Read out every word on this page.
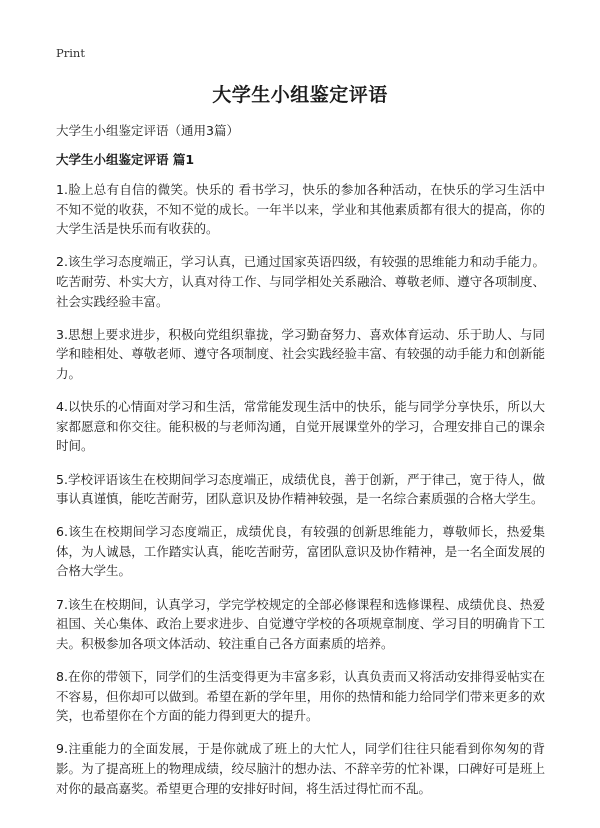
Print
大学生小组鉴定评语

大学生小组鉴定评语（通用3篇）

大学生小组鉴定评语 篇1

1.脸上总有自信的微笑。快乐的 看书学习，快乐的参加各种活动，在快乐的学习生活中不知不觉的收获，不知不觉的成长。一年半以来，学业和其他素质都有很大的提高，你的大学生活是快乐而有收获的。

2.该生学习态度端正，学习认真，已通过国家英语四级，有较强的思维能力和动手能力。吃苦耐劳、朴实大方，认真对待工作、与同学相处关系融洽、尊敬老师、遵守各项制度、社会实践经验丰富。

3.思想上要求进步，积极向党组织靠拢，学习勤奋努力、喜欢体育运动、乐于助人、与同学和睦相处、尊敬老师、遵守各项制度、社会实践经验丰富、有较强的动手能力和创新能力。

4.以快乐的心情面对学习和生活，常常能发现生活中的快乐，能与同学分享快乐，所以大家都愿意和你交往。能积极的与老师沟通，自觉开展课堂外的学习，合理安排自己的课余时间。

5.学校评语该生在校期间学习态度端正，成绩优良，善于创新，严于律己，宽于待人，做事认真谨慎，能吃苦耐劳，团队意识及协作精神较强，是一名综合素质强的合格大学生。

6.该生在校期间学习态度端正，成绩优良，有较强的创新思维能力，尊敬师长，热爱集体，为人诚恳，工作踏实认真，能吃苦耐劳，富团队意识及协作精神，是一名全面发展的合格大学生。

7.该生在校期间，认真学习，学完学校规定的全部必修课程和选修课程、成绩优良、热爱祖国、关心集体、政治上要求进步、自觉遵守学校的各项规章制度、学习目的明确肯下工夫。积极参加各项文体活动、较注重自己各方面素质的培养。

8.在你的带领下，同学们的生活变得更为丰富多彩，认真负责而又将活动安排得妥帖实在不容易，但你却可以做到。希望在新的学年里，用你的热情和能力给同学们带来更多的欢笑，也希望你在个方面的能力得到更大的提升。

9.注重能力的全面发展，于是你就成了班上的大忙人，同学们往往只能看到你匆匆的背影。为了提高班上的物理成绩，绞尽脑汁的想办法、不辞辛劳的忙补课，口碑好可是班上对你的最高嘉奖。希望更合理的安排好时间，将生活过得忙而不乱。
